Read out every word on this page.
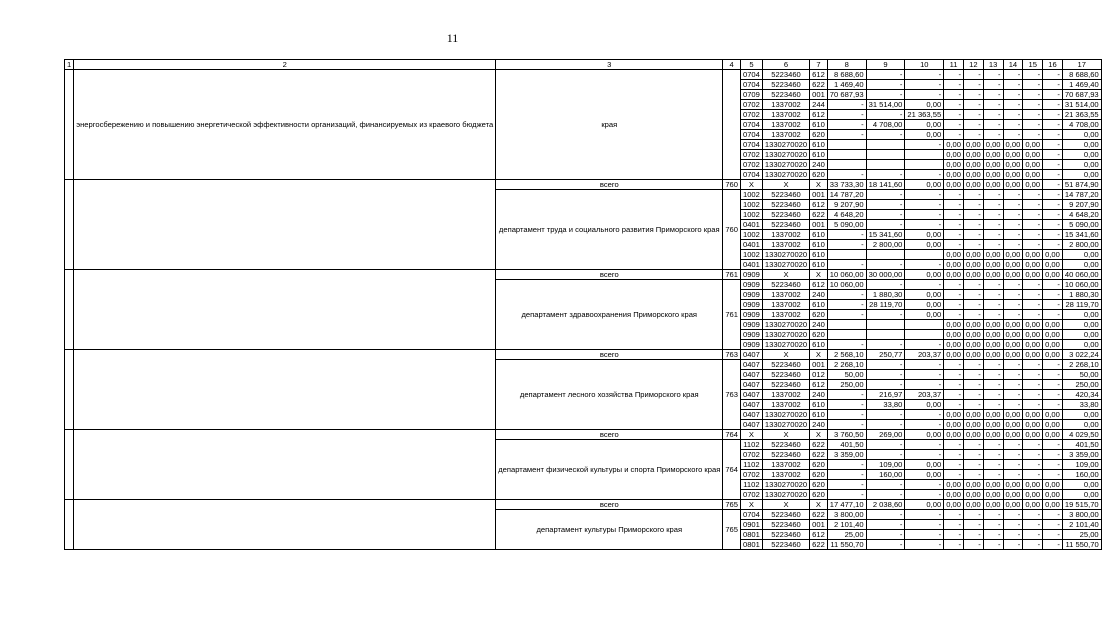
11
1	2	3	4	5	6	7	8	9	10	11	12	13	14	15	16	17
	энергосбережению и повышению энергетической эффективности организаций, финансируемых из краевого бюджета	края		0704	5223460	612	8 688,60	-	-	-	-	-	-	-	-	8 688,60
				0704	5223460	622	1 469,40	-	-	-	-	-	-	-	-	1 469,40
				0709	5223460	001	70 687,93	-	-	-	-	-	-	-	-	70 687,93
				0702	1337002	244	-	31 514,00	0,00	-	-	-	-	-	-	31 514,00
				0702	1337002	612	-	-	21 363,55	-	-	-	-	-	-	21 363,55
				0704	1337002	610	-	4 708,00	0,00	-	-	-	-	-	-	4 708,00
				0704	1337002	620	-	-	0,00	-	-	-	-	-	-	0,00
				0704	1330270020	610			-	0,00	0,00	0,00	0,00	0,00	-	0,00
				0702	1330270020	610				0,00	0,00	0,00	0,00	0,00	-	0,00
				0702	1330270020	240				0,00	0,00	0,00	0,00	0,00	-	0,00
				0704	1330270020	620	-	-	-	0,00	0,00	0,00	0,00	0,00	-	0,00
		всего	760	X	X	X	33 733,30	18 141,60	0,00	0,00	0,00	0,00	0,00	0,00	-	51 874,90
		департамент труда и социального развития Приморского края	760	1002	5223460	001	14 787,20	-	-	-	-	-	-	-	-	14 787,20
				1002	5223460	612	9 207,90	-	-	-	-	-	-	-	-	9 207,90
				1002	5223460	622	4 648,20	-	-	-	-	-	-	-	-	4 648,20
				0401	5223460	001	5 090,00	-	-	-	-	-	-	-	-	5 090,00
				1002	1337002	610	-	15 341,60	0,00	-	-	-	-	-	-	15 341,60
				0401	1337002	610	-	2 800,00	0,00	-	-	-	-	-	-	2 800,00
				1002	1330270020	610				0,00	0,00	0,00	0,00	0,00	0,00	0,00
				0401	1330270020	610	-	-	-	0,00	0,00	0,00	0,00	0,00	0,00	0,00
		всего	761	0909	X	X	10 060,00	30 000,00	0,00	0,00	0,00	0,00	0,00	0,00	0,00	40 060,00
		департамент здравоохранения Приморского края	761	0909	5223460	612	10 060,00	-	-	-	-	-	-	-	-	10 060,00
				0909	1337002	240	-	1 880,30	0,00	-	-	-	-	-	-	1 880,30
				0909	1337002	610	-	28 119,70	0,00	-	-	-	-	-	-	28 119,70
				0909	1337002	620	-	-	0,00	-	-	-	-	-	-	0,00
				0909	1330270020	240				0,00	0,00	0,00	0,00	0,00	0,00	0,00
				0909	1330270020	620				0,00	0,00	0,00	0,00	0,00	0,00	0,00
				0909	1330270020	610	-	-	-	0,00	0,00	0,00	0,00	0,00	0,00	0,00
		всего	763	0407	X	X	2 568,10	250,77	203,37	0,00	0,00	0,00	0,00	0,00	0,00	3 022,24
		департамент лесного хозяйства Приморского края	763	0407	5223460	001	2 268,10	-	-	-	-	-	-	-	-	2 268,10
				0407	5223460	012	50,00	-	-	-	-	-	-	-	-	50,00
				0407	5223460	612	250,00	-	-	-	-	-	-	-	-	250,00
				0407	1337002	240	-	216,97	203,37	-	-	-	-	-	-	420,34
				0407	1337002	610	-	33,80	0,00	-	-	-	-	-	-	33,80
				0407	1330270020	610	-	-	-	0,00	0,00	0,00	0,00	0,00	0,00	0,00
				0407	1330270020	240	-	-	-	0,00	0,00	0,00	0,00	0,00	0,00	0,00
		всего	764	X	X	X	3 760,50	269,00	0,00	0,00	0,00	0,00	0,00	0,00	0,00	4 029,50
		департамент физической культуры и спорта Приморского края	764	1102	5223460	622	401,50	-	-	-	-	-	-	-	-	401,50
				0702	5223460	622	3 359,00	-	-	-	-	-	-	-	-	3 359,00
				1102	1337002	620	-	109,00	0,00	-	-	-	-	-	-	109,00
				0702	1337002	620	-	160,00	0,00	-	-	-	-	-	-	160,00
				1102	1330270020	620	-	-	-	0,00	0,00	0,00	0,00	0,00	0,00	0,00
				0702	1330270020	620	-	-	-	0,00	0,00	0,00	0,00	0,00	0,00	0,00
		всего	765	X	X	X	17 477,10	2 038,60	0,00	0,00	0,00	0,00	0,00	0,00	0,00	19 515,70
		департамент культуры Приморского края	765	0704	5223460	622	3 800,00	-	-	-	-	-	-	-	-	3 800,00
				0901	5223460	001	2 101,40	-	-	-	-	-	-	-	-	2 101,40
				0801	5223460	612	25,00	-	-	-	-	-	-	-	-	25,00
				0801	5223460	622	11 550,70	-	-	-	-	-	-	-	-	11 550,70
